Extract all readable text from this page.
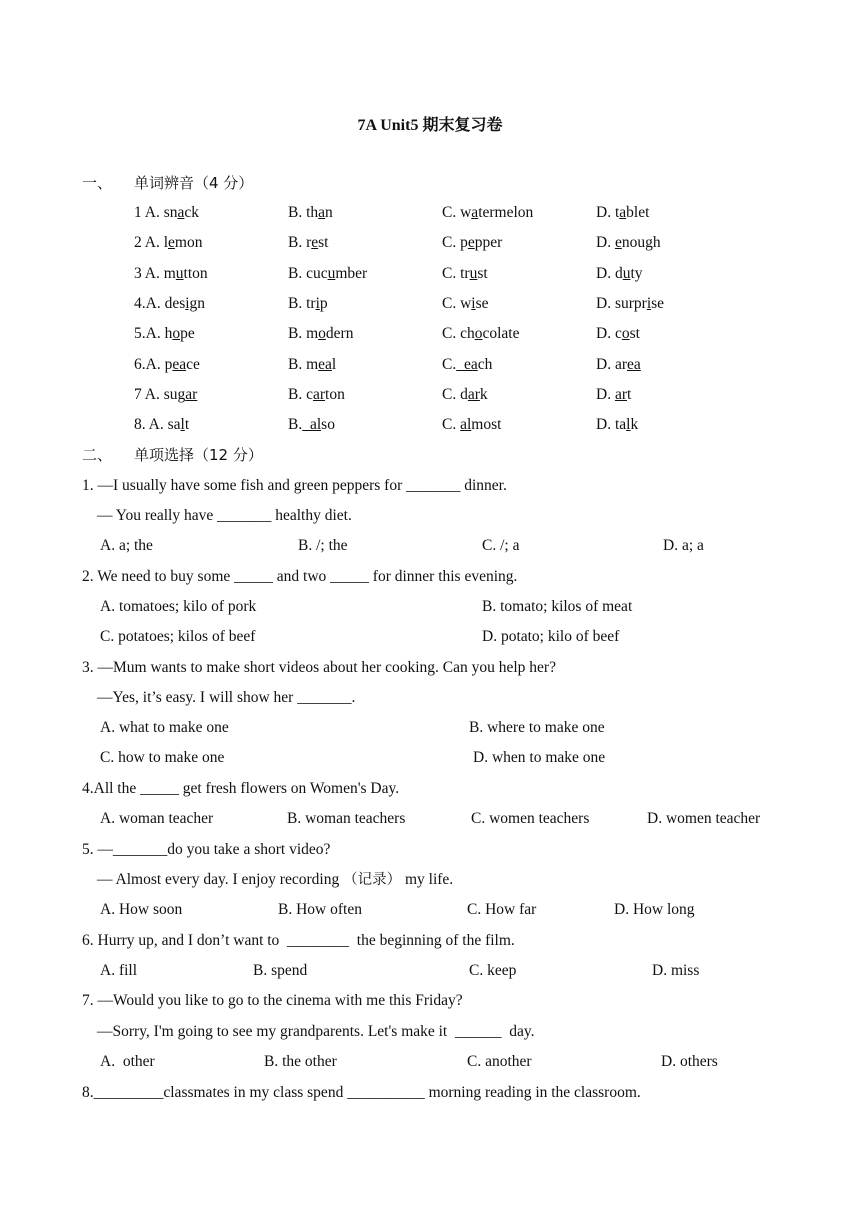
7A Unit5 期末复习卷
一、 单词辨音（4 分）
1 A. snack	B. than	C. watermelon	D. tablet
2 A. lemon	B. rest	C. pepper	D. enough
3 A. mutton	B. cucumber	C. trust	D. duty
4.A. design	B. trip	C. wise	D. surprise
5.A. hope	B. modern	C. chocolate	D. cost
6.A. peace	B. meal	C.  each	D. area
7 A. sugar	B. carton	C. dark	D. art
8. A. salt	B.  also	C. almost	D. talk
二、 单项选择（12 分）
1. —I usually have some fish and green peppers for _______ dinner.
— You really have _______ healthy diet.
A. a; the	B. /; the	C. /; a	D. a; a
2. We need to buy some _____ and two _____ for dinner this evening.
A. tomatoes; kilo of pork	B. tomato; kilos of meat
C. potatoes; kilos of beef	D. potato; kilo of beef
3. —Mum wants to make short videos about her cooking. Can you help her?
—Yes, it’s easy. I will show her _______.
A. what to make one	B. where to make one
C. how to make one	D. when to make one
4.All the _____ get fresh flowers on Women's Day.
A. woman teacher	B. woman teachers	C. women teachers	D. women teacher
5. —_______do you take a short video?
— Almost every day. I enjoy recording （记录） my life.
A. How soon	B. How often	C. How far	D. How long
6. Hurry up, and I don’t want to  ________  the beginning of the film.
A. fill	B. spend	C. keep	D. miss
7. —Would you like to go to the cinema with me this Friday?
—Sorry, I'm going to see my grandparents. Let's make it  ______  day.
A.  other	B. the other	C. another	D. others
8._________classmates in my class spend __________ morning reading in the classroom.
